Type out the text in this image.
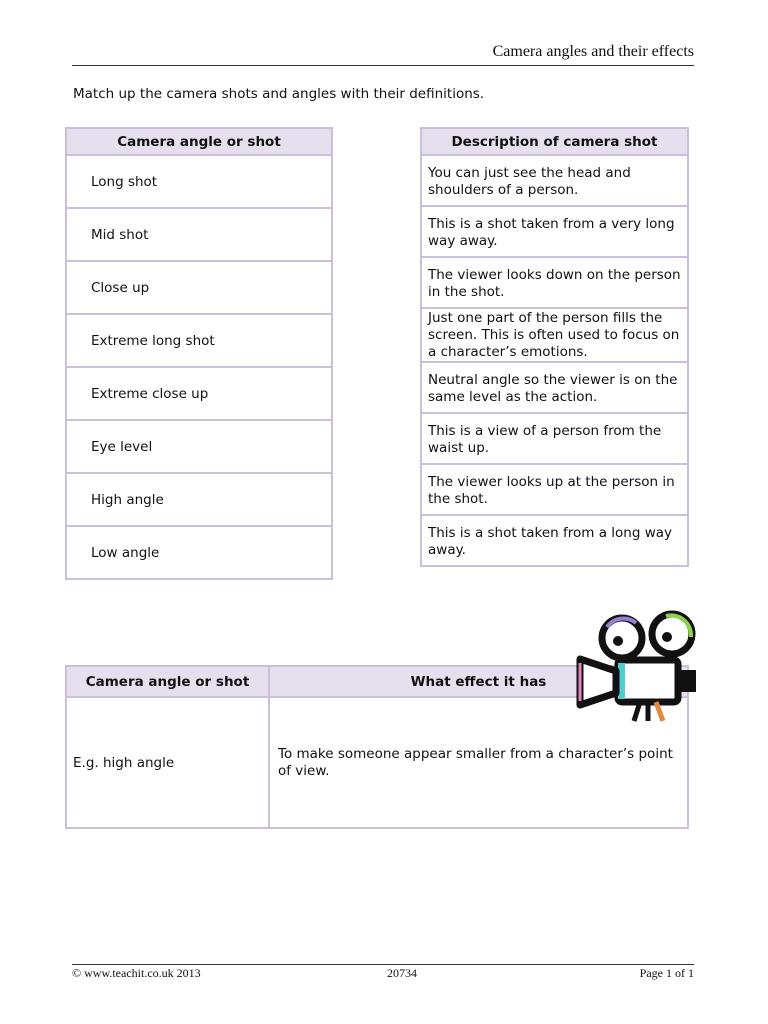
Camera angles and their effects
Match up the camera shots and angles with their definitions.
Camera angle or shot
Long shot
Mid shot
Close up
Extreme long shot
Extreme close up
Eye level
High angle
Low angle
Description of camera shot
You can just see the head and shoulders of a person.
This is a shot taken from a very long way away.
The viewer looks down on the person in the shot.
Just one part of the person fills the screen. This is often used to focus on a character’s emotions.
Neutral angle so the viewer is on the same level as the action.
This is a view of a person from the waist up.
The viewer looks up at the person in the shot.
This is a shot taken from a long way away.
Camera angle or shot	What effect it has
E.g. high angle	To make someone appear smaller from a character’s point of view.
© www.teachit.co.uk 2013	20734	Page 1 of 1
